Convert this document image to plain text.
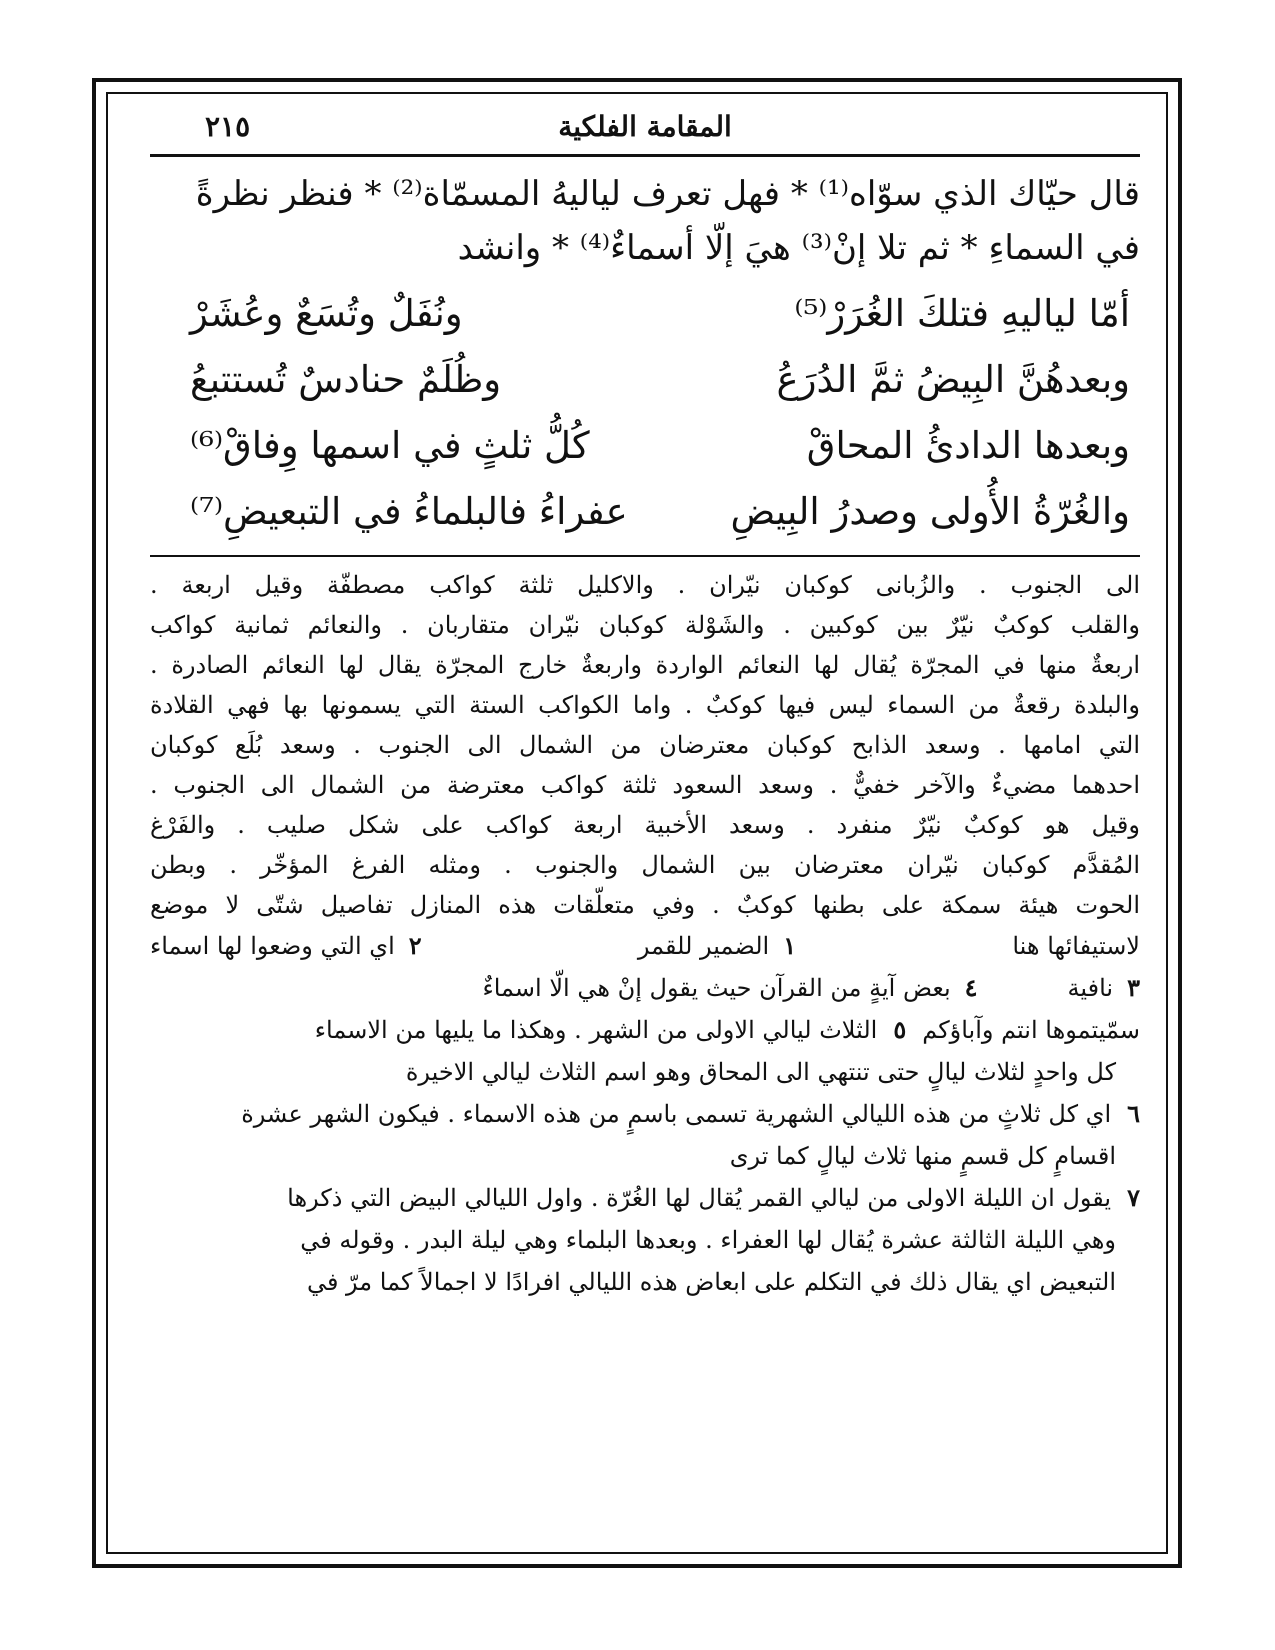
المقامة الفلكية
٢١٥
قال حيّاك الذي سوّاه⁽¹⁾ * فهل تعرف لياليهُ المسمّاة⁽²⁾ * فنظر نظرةً
في السماءِ * ثم تلا إنْ⁽³⁾ هيَ إلّا أسماءٌ⁽⁴⁾ * وانشد
أمّا لياليهِ فتلكَ الغُرَرْ⁽⁵⁾
ونُفَلٌ وتُسَعٌ وعُشَرْ
وبعدهُنَّ البِيضُ ثمَّ الدُرَعُ
وظُلَمٌ حنادسٌ تُستتبعُ
وبعدها الدادئُ المحاقْ
كُلُّ ثلثٍ في اسمها وِفاقْ⁽⁶⁾
والغُرّةُ الأُولى وصدرُ البِيضِ
عفراءُ فالبلماءُ في التبعيضِ⁽⁷⁾
الى الجنوب . والزُبانى كوكبان نيّران . والاكليل ثلثة كواكب مصطفّة وقيل اربعة .
والقلب كوكبٌ نيّرٌ بين كوكبين . والشَوْلة كوكبان نيّران متقاربان . والنعائم ثمانية كواكب
اربعةٌ منها في المجرّة يُقال لها النعائم الواردة واربعةٌ خارج المجرّة يقال لها النعائم الصادرة .
والبلدة رقعةٌ من السماء ليس فيها كوكبٌ . واما الكواكب الستة التي يسمونها بها فهي القلادة
التي امامها . وسعد الذابح كوكبان معترضان من الشمال الى الجنوب . وسعد بُلَع كوكبان
احدهما مضيءٌ والآخر خفيٌّ . وسعد السعود ثلثة كواكب معترضة من الشمال الى الجنوب .
وقيل هو كوكبٌ نيّرٌ منفرد . وسعد الأخبية اربعة كواكب على شكل صليب . والفَرْغ
المُقدَّم كوكبان نيّران معترضان بين الشمال والجنوب . ومثله الفرغ المؤخّر . وبطن
الحوت هيئة سمكة على بطنها كوكبٌ . وفي متعلّقات هذه المنازل تفاصيل شتّى لا موضع
لاستيفائها هنا
١
الضمير للقمر
٢
اي التي وضعوا لها اسماء
٣
نافية
٤
بعض آيةٍ من القرآن حيث يقول إنْ هي الّا اسماءٌ
سمّيتموها انتم وآباؤكم
٥
الثلاث ليالي الاولى من الشهر . وهكذا ما يليها من الاسماء
كل واحدٍ لثلاث ليالٍ حتى تنتهي الى المحاق وهو اسم الثلاث ليالي الاخيرة
٦
اي كل ثلاثٍ من هذه الليالي الشهرية تسمى باسمٍ من هذه الاسماء . فيكون الشهر عشرة
اقسامٍ كل قسمٍ منها ثلاث ليالٍ كما ترى
٧
يقول ان الليلة الاولى من ليالي القمر يُقال لها الغُرّة . واول الليالي البيض التي ذكرها
وهي الليلة الثالثة عشرة يُقال لها العفراء . وبعدها البلماء وهي ليلة البدر . وقوله في
التبعيض اي يقال ذلك في التكلم على ابعاض هذه الليالي افرادًا لا اجمالاً كما مرّ في
